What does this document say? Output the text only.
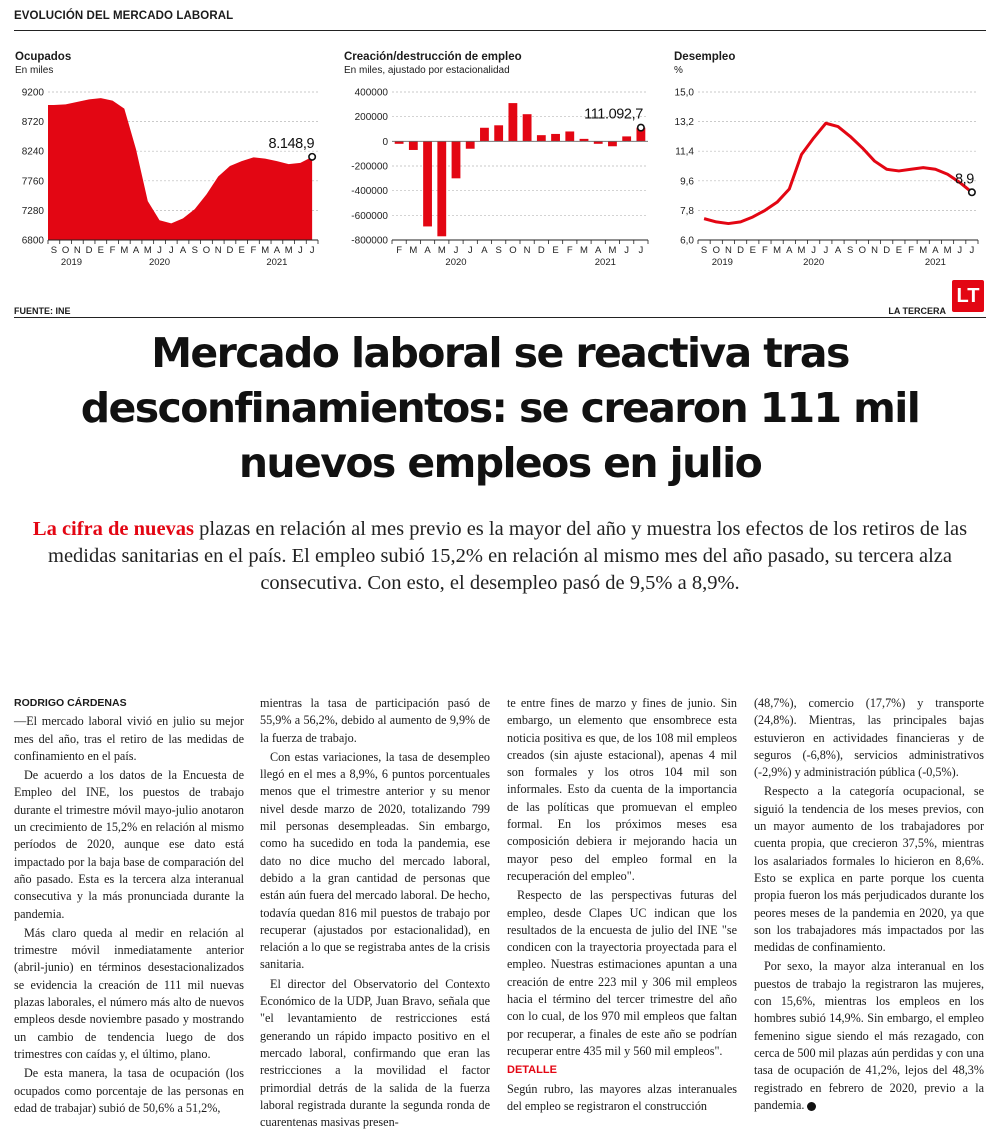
EVOLUCIÓN DEL MERCADO LABORAL
Ocupados
En miles
6800
7280
7760
8240
8720
9200
S O N D E F M A M J J A S O N D E F M A M J J
2019	2020	2021
8.148,9
Creación/destrucción de empleo
En miles, ajustado por estacionalidad
-800000
-600000
-400000
-200000
0
200000
400000
F M A M J J A S O N D E F M A M J J
2020	2021
111.092,7
Desempleo
%
6,0
7,8
9,6
11,4
13,2
15,0
S O N D E F M A M J J A S O N D E F M A M J J
2019	2020	2021
8,9
FUENTE: INE	LA TERCERA
LT
Mercado laboral se reactiva tras desconfinamientos: se crearon 111 mil nuevos empleos en julio
La cifra de nuevas plazas en relación al mes previo es la mayor del año y muestra los efectos de los retiros de las medidas sanitarias en el país. El empleo subió 15,2% en relación al mismo mes del año pasado, su tercera alza consecutiva. Con esto, el desempleo pasó de 9,5% a 8,9%.
RODRIGO CÁRDENAS

—El mercado laboral vivió en julio su mejor mes del año, tras el retiro de las medidas de confinamiento en el país.

De acuerdo a los datos de la Encuesta de Empleo del INE, los puestos de trabajo durante el trimestre móvil mayo-julio anotaron un crecimiento de 15,2% en relación al mismo períodos de 2020, aunque ese dato está impactado por la baja base de comparación del año pasado. Esta es la tercera alza interanual consecutiva y la más pronunciada durante la pandemia.

Más claro queda al medir en relación al trimestre móvil inmediatamente anterior (abril-junio) en términos desestacionalizados se evidencia la creación de 111 mil nuevas plazas laborales, el número más alto de nuevos empleos desde noviembre pasado y mostrando un cambio de tendencia luego de dos trimestres con caídas y, el último, plano.

De esta manera, la tasa de ocupación (los ocupados como porcentaje de las personas en edad de trabajar) subió de 50,6% a 51,2%,

mientras la tasa de participación pasó de 55,9% a 56,2%, debido al aumento de 9,9% de la fuerza de trabajo.

Con estas variaciones, la tasa de desempleo llegó en el mes a 8,9%, 6 puntos porcentuales menos que el trimestre anterior y su menor nivel desde marzo de 2020, totalizando 799 mil personas desempleadas. Sin embargo, como ha sucedido en toda la pandemia, ese dato no dice mucho del mercado laboral, debido a la gran cantidad de personas que están aún fuera del mercado laboral. De hecho, todavía quedan 816 mil puestos de trabajo por recuperar (ajustados por estacionalidad), en relación a lo que se registraba antes de la crisis sanitaria.

El director del Observatorio del Contexto Económico de la UDP, Juan Bravo, señala que "el levantamiento de restricciones está generando un rápido impacto positivo en el mercado laboral, confirmando que eran las restricciones a la movilidad el factor primordial detrás de la salida de la fuerza laboral registrada durante la segunda ronda de cuarentenas masivas presen-

te entre fines de marzo y fines de junio. Sin embargo, un elemento que ensombrece esta noticia positiva es que, de los 108 mil empleos creados (sin ajuste estacional), apenas 4 mil son formales y los otros 104 mil son informales. Esto da cuenta de la importancia de las políticas que promuevan el empleo formal. En los próximos meses esa composición debiera ir mejorando hacia un mayor peso del empleo formal en la recuperación del empleo".

Respecto de las perspectivas futuras del empleo, desde Clapes UC indican que los resultados de la encuesta de julio del INE "se condicen con la trayectoria proyectada para el empleo. Nuestras estimaciones apuntan a una creación de entre 223 mil y 306 mil empleos hacia el término del tercer trimestre del año con lo cual, de los 970 mil empleos que faltan por recuperar, a finales de este año se podrían recuperar entre 435 mil y 560 mil empleos".

DETALLE

Según rubro, las mayores alzas interanuales del empleo se registraron el construcción

(48,7%), comercio (17,7%) y transporte (24,8%). Mientras, las principales bajas estuvieron en actividades financieras y de seguros (-6,8%), servicios administrativos (-2,9%) y administración pública (-0,5%).

Respecto a la categoría ocupacional, se siguió la tendencia de los meses previos, con un mayor aumento de los trabajadores por cuenta propia, que crecieron 37,5%, mientras los asalariados formales lo hicieron en 8,6%. Esto se explica en parte porque los cuenta propia fueron los más perjudicados durante los peores meses de la pandemia en 2020, ya que son los trabajadores más impactados por las medidas de confinamiento.

Por sexo, la mayor alza interanual en los puestos de trabajo la registraron las mujeres, con 15,6%, mientras los empleos en los hombres subió 14,9%. Sin embargo, el empleo femenino sigue siendo el más rezagado, con cerca de 500 mil plazas aún perdidas y con una tasa de ocupación de 41,2%, lejos del 48,3% registrado en febrero de 2020, previo a la pandemia.
